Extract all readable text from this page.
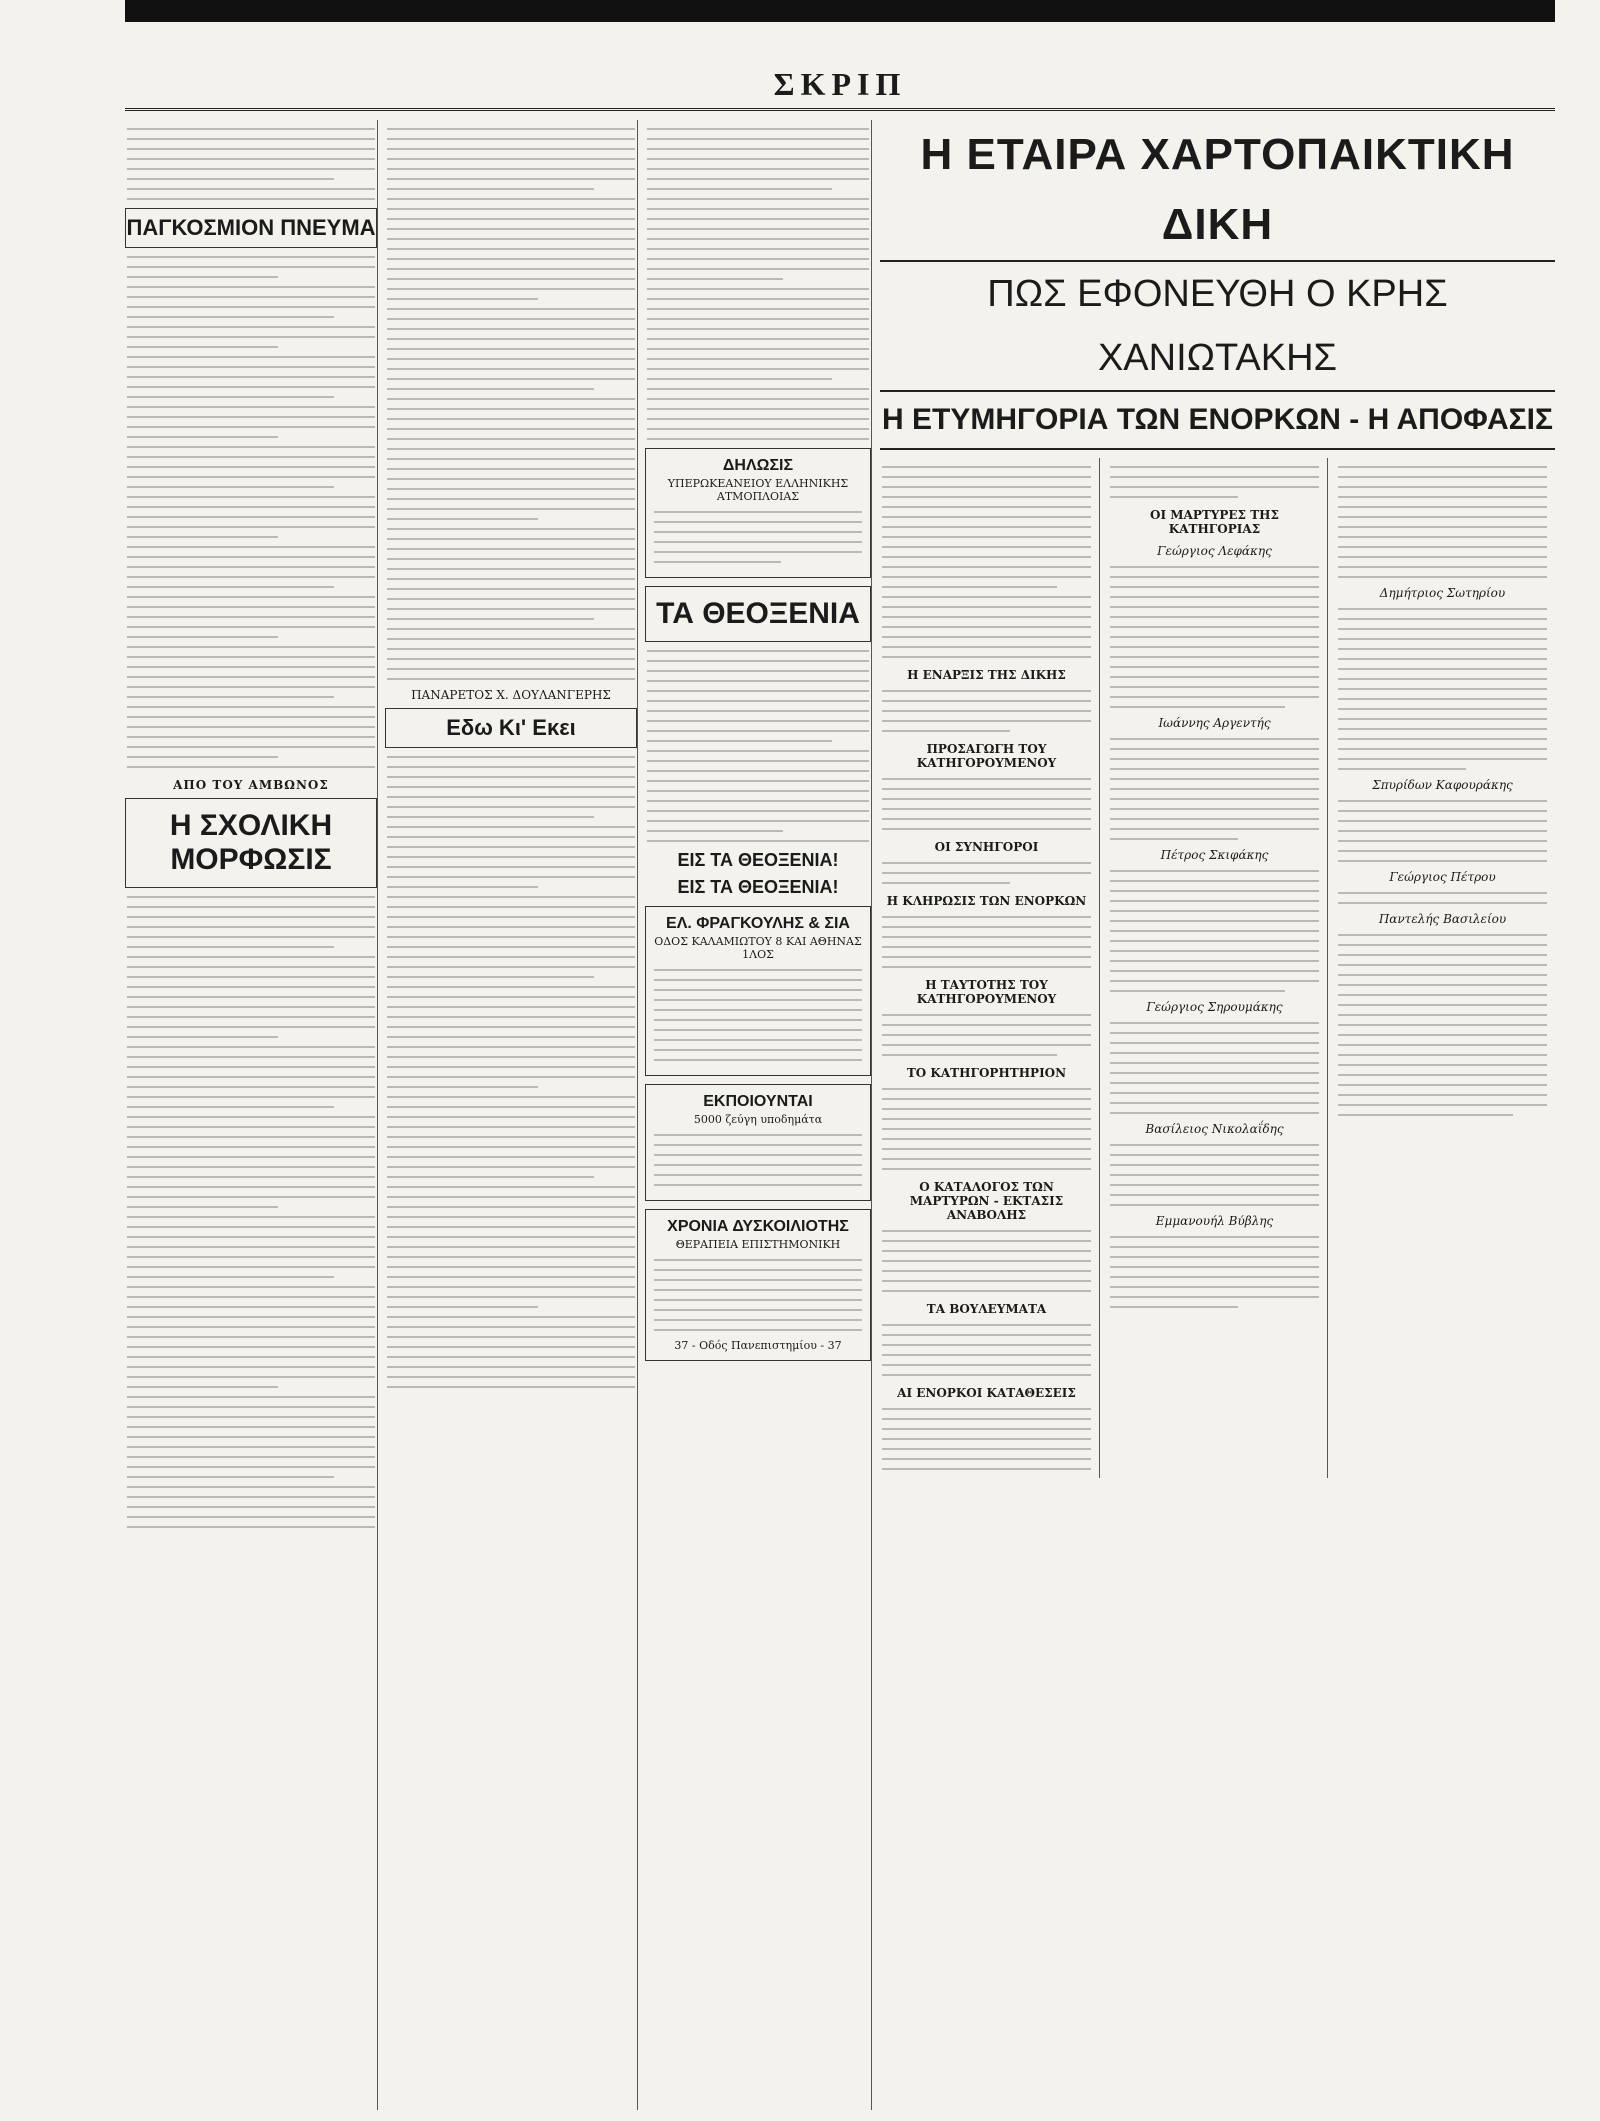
ΣΚΡΙΠ
ΠΑΓΚΟΣΜΙΟΝ ΠΝΕΥΜΑ
ΑΠΟ ΤΟΥ ΑΜΒΩΝΟΣ
Η ΣΧΟΛΙΚΗ ΜΟΡΦΩΣΙΣ
ΠΑΝΑΡΕΤΟΣ Χ. ΔΟΥΛΑΝΓΕΡΗΣ
Εδω Κι' Εκει
ΔΗΛΩΣΙΣ
ΥΠΕΡΩΚΕΑΝΕΙΟΥ ΕΛΛΗΝΙΚΗΣ ΑΤΜΟΠΛΟΙΑΣ
ΤΑ ΘΕΟΞΕΝΙΑ
ΕΙΣ ΤΑ ΘΕΟΞΕΝΙΑ!
ΕΙΣ ΤΑ ΘΕΟΞΕΝΙΑ!
ΕΛ. ΦΡΑΓΚΟΥΛΗΣ & ΣΙΑ
ΟΔΟΣ ΚΑΛΑΜΙΩΤΟΥ 8 ΚΑΙ ΑΘΗΝΑΣ 1ΛΟΣ
ΕΚΠΟΙΟΥΝΤΑΙ
5000 ζεύγη υποδημάτα
ΧΡΟΝΙΑ ΔΥΣΚΟΙΛΙΟΤΗΣ
ΘΕΡΑΠΕΙΑ ΕΠΙΣΤΗΜΟΝΙΚΗ
37 - Οδός Πανεπιστημίου - 37
Η ΕΤΑΙΡΑ ΧΑΡΤΟΠΑΙΚΤΙΚΗ ΔΙΚΗ
ΠΩΣ ΕΦΟΝΕΥΘΗ Ο ΚΡΗΣ ΧΑΝΙΩΤΑΚΗΣ
Η ΕΤΥΜΗΓΟΡΙΑ ΤΩΝ ΕΝΟΡΚΩΝ - Η ΑΠΟΦΑΣΙΣ
Η ΕΝΑΡΞΙΣ ΤΗΣ ΔΙΚΗΣ
ΠΡΟΣΑΓΩΓΗ ΤΟΥ ΚΑΤΗΓΟΡΟΥΜΕΝΟΥ
ΟΙ ΣΥΝΗΓΟΡΟΙ
Η ΚΛΗΡΩΣΙΣ ΤΩΝ ΕΝΟΡΚΩΝ
Η ΤΑΥΤΟΤΗΣ ΤΟΥ ΚΑΤΗΓΟΡΟΥΜΕΝΟΥ
ΤΟ ΚΑΤΗΓΟΡΗΤΗΡΙΟΝ
Ο ΚΑΤΑΛΟΓΟΣ ΤΩΝ ΜΑΡΤΥΡΩΝ - ΕΚΤΑΣΙΣ ΑΝΑΒΟΛΗΣ
ΤΑ ΒΟΥΛΕΥΜΑΤΑ
ΑΙ ΕΝΟΡΚΟΙ ΚΑΤΑΘΕΣΕΙΣ
ΟΙ ΜΑΡΤΥΡΕΣ ΤΗΣ ΚΑΤΗΓΟΡΙΑΣ
Γεώργιος Λεφάκης
Ιωάννης Αργεντής
Πέτρος Σκιφάκης
Γεώργιος Σηρουμάκης
Βασίλειος Νικολαΐδης
Εμμανουήλ Βύβλης
Δημήτριος Σωτηρίου
Σπυρίδων Καφουράκης
Γεώργιος Πέτρου
Παντελής Βασιλείου
